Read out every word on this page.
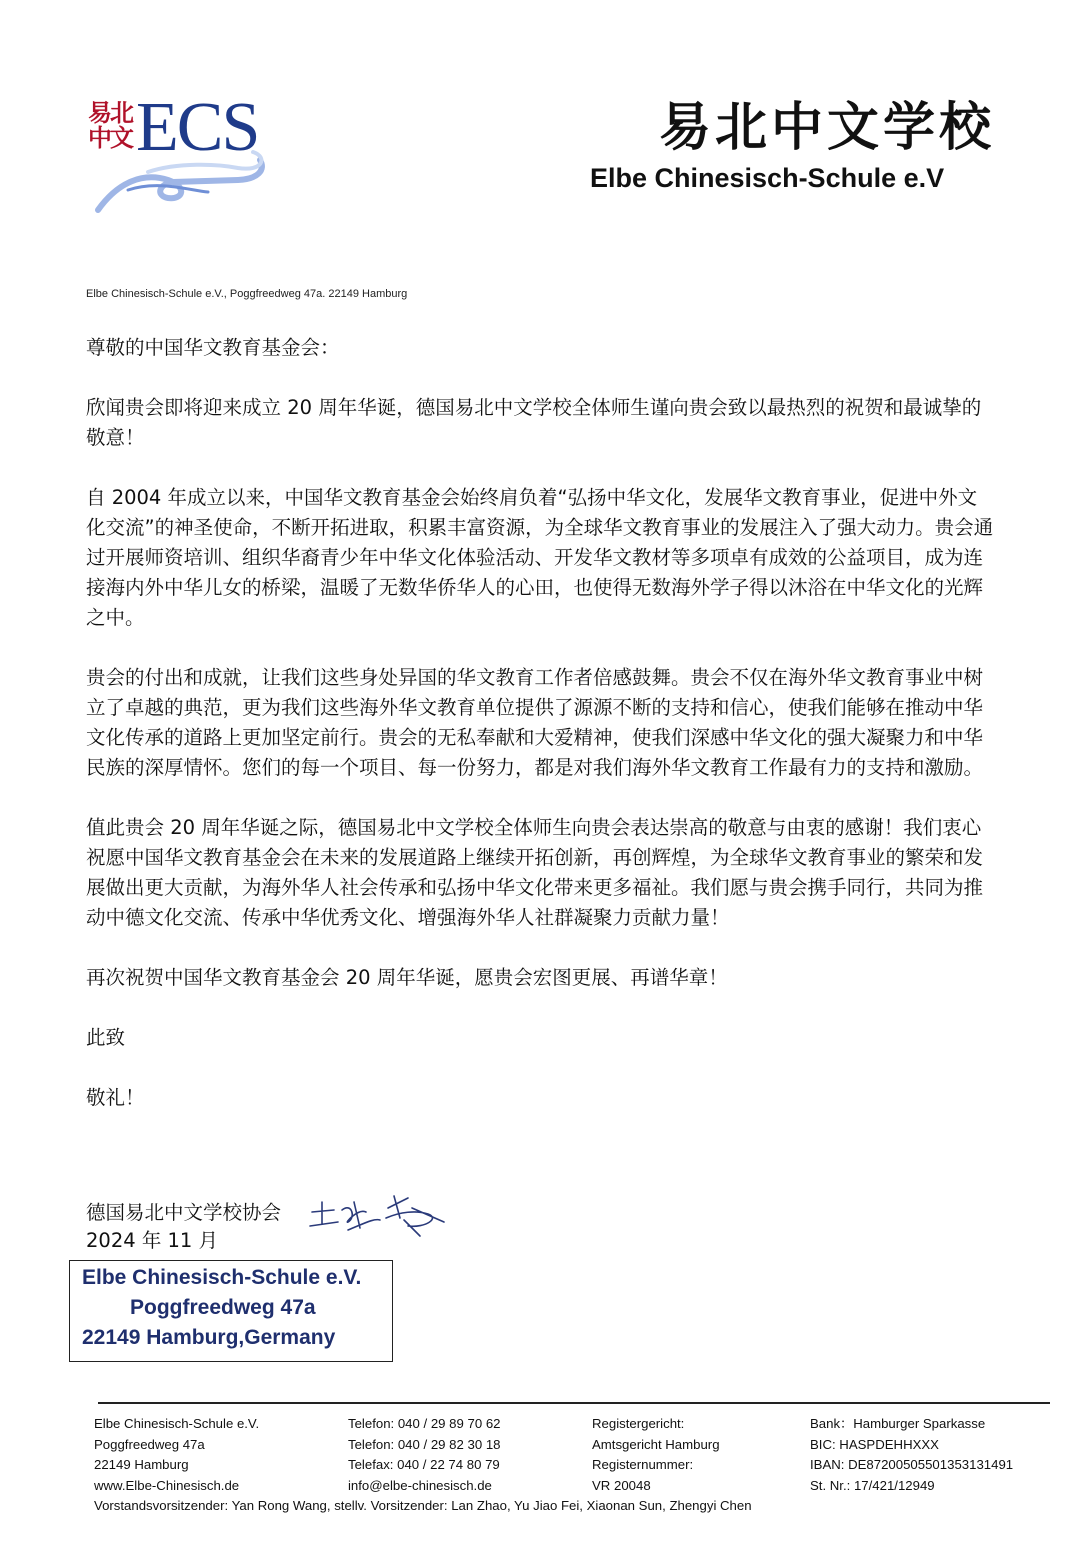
易北
中文 ECS	易北中文学校
Elbe Chinesisch-Schule e.V
Elbe Chinesisch-Schule e.V., Poggfreedweg 47a. 22149 Hamburg

尊敬的中国华文教育基金会：

欣闻贵会即将迎来成立 20 周年华诞，德国易北中文学校全体师生谨向贵会致以最热烈的祝贺和最诚挚的敬意！

自 2004 年成立以来，中国华文教育基金会始终肩负着“弘扬中华文化，发展华文教育事业，促进中外文化交流”的神圣使命，不断开拓进取，积累丰富资源，为全球华文教育事业的发展注入了强大动力。贵会通过开展师资培训、组织华裔青少年中华文化体验活动、开发华文教材等多项卓有成效的公益项目，成为连接海内外中华儿女的桥梁，温暖了无数华侨华人的心田，也使得无数海外学子得以沐浴在中华文化的光辉之中。

贵会的付出和成就，让我们这些身处异国的华文教育工作者倍感鼓舞。贵会不仅在海外华文教育事业中树立了卓越的典范，更为我们这些海外华文教育单位提供了源源不断的支持和信心，使我们能够在推动中华文化传承的道路上更加坚定前行。贵会的无私奉献和大爱精神，使我们深感中华文化的强大凝聚力和中华民族的深厚情怀。您们的每一个项目、每一份努力，都是对我们海外华文教育工作最有力的支持和激励。

值此贵会 20 周年华诞之际，德国易北中文学校全体师生向贵会表达崇高的敬意与由衷的感谢！我们衷心祝愿中国华文教育基金会在未来的发展道路上继续开拓创新，再创辉煌，为全球华文教育事业的繁荣和发展做出更大贡献，为海外华人社会传承和弘扬中华文化带来更多福祉。我们愿与贵会携手同行，共同为推动中德文化交流、传承中华优秀文化、增强海外华人社群凝聚力贡献力量！

再次祝贺中国华文教育基金会 20 周年华诞，愿贵会宏图更展、再谱华章！

此致

敬礼！

德国易北中文学校协会
2024 年 11 月
Elbe Chinesisch-Schule e.V.
Poggfreedweg 47a
22149 Hamburg,Germany
Elbe Chinesisch-Schule e.V.
Poggfreedweg 47a
22149 Hamburg
www.Elbe-Chinesisch.de
Telefon: 040 / 29 89 70 62
Telefon: 040 / 29 82 30 18
Telefax: 040 / 22 74 80 79
info@elbe-chinesisch.de
Registergericht:
Amtsgericht Hamburg
Registernummer:
VR 20048
Bank：Hamburger Sparkasse
BIC: HASPDEHHXXX
IBAN: DE87200505501353131491
St. Nr.: 17/421/12949
Vorstandsvorsitzender: Yan Rong Wang, stellv. Vorsitzender: Lan Zhao, Yu Jiao Fei, Xiaonan Sun, Zhengyi Chen
